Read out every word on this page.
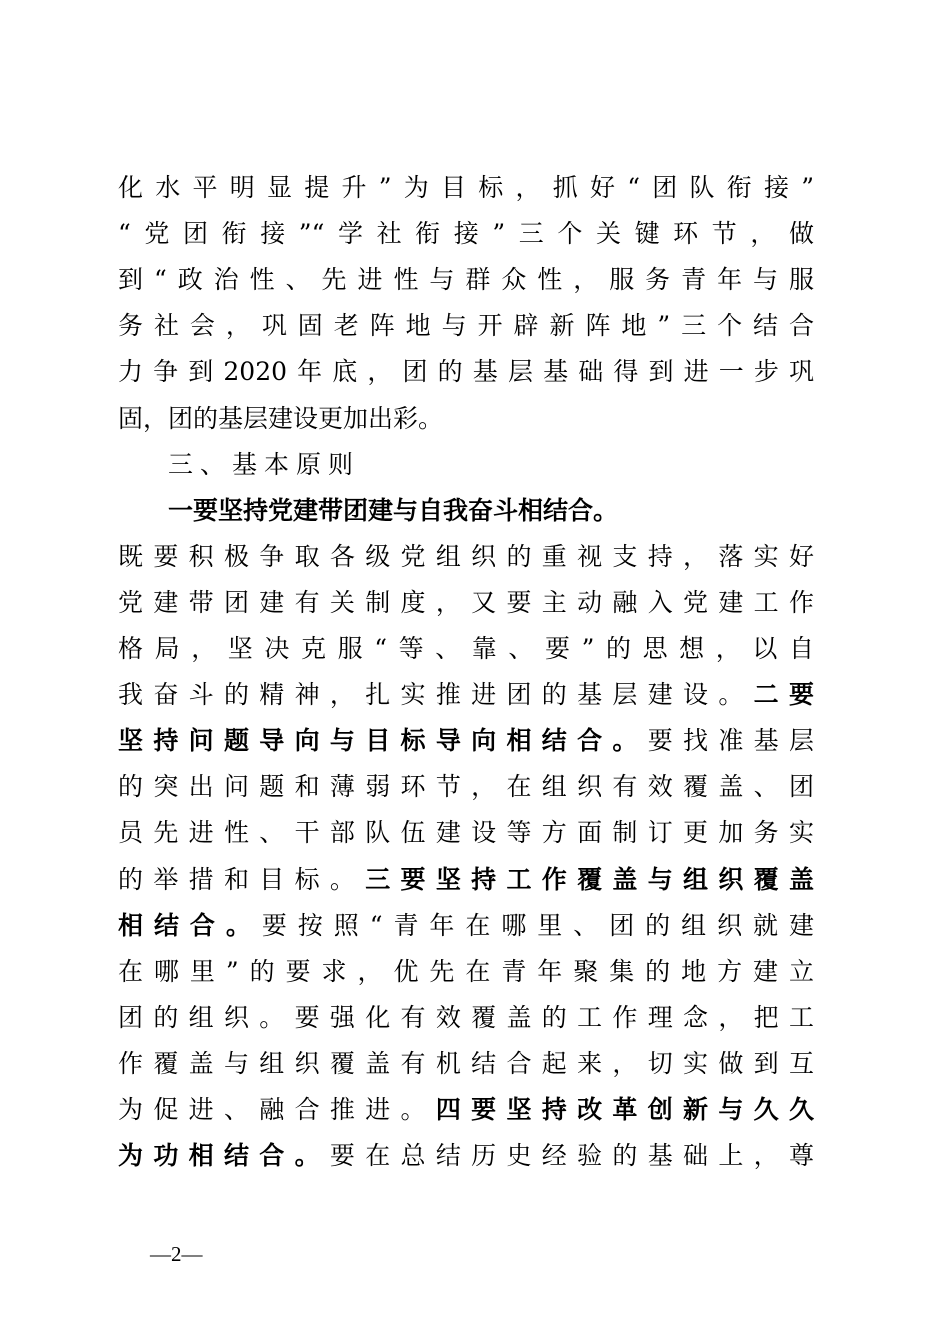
化水平明显提升”为目标，抓好“团队衔接”
“党团衔接”“学社衔接”三个关键环节，做
到“政治性、先进性与群众性，服务青年与服
务社会，巩固老阵地与开辟新阵地”三个结合
力争到2020年底，团的基层基础得到进一步巩
固，团的基层建设更加出彩。
三、基本原则
一要坚持党建带团建与自我奋斗相结合。
既要积极争取各级党组织的重视支持，落实好
党建带团建有关制度，又要主动融入党建工作
格局，坚决克服“等、靠、要”的思想，以自
我奋斗的精神，扎实推进团的基层建设。二要
坚持问题导向与目标导向相结合。要找准基层
的突出问题和薄弱环节，在组织有效覆盖、团
员先进性、干部队伍建设等方面制订更加务实
的举措和目标。三要坚持工作覆盖与组织覆盖
相结合。要按照“青年在哪里、团的组织就建
在哪里”的要求，优先在青年聚集的地方建立
团的组织。要强化有效覆盖的工作理念，把工
作覆盖与组织覆盖有机结合起来，切实做到互
为促进、融合推进。四要坚持改革创新与久久
为功相结合。要在总结历史经验的基础上，尊
—2—
